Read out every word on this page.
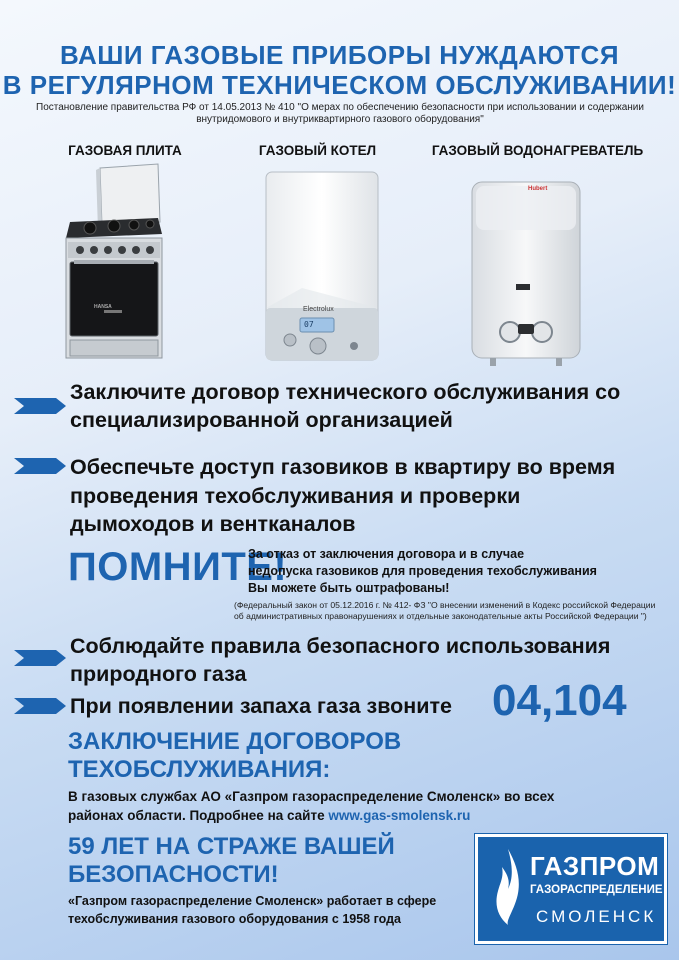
ВАШИ ГАЗОВЫЕ ПРИБОРЫ НУЖДАЮТСЯ
В РЕГУЛЯРНОМ ТЕХНИЧЕСКОМ ОБСЛУЖИВАНИИ!
Постановление правительства РФ от 14.05.2013 № 410 "О мерах по обеспечению безопасности при использовании и содержании внутридомового и внутриквартирного газового оборудования"
ГАЗОВАЯ ПЛИТА	ГАЗОВЫЙ КОТЕЛ	ГАЗОВЫЙ ВОДОНАГРЕВАТЕЛЬ
HANSA	Electrolux
07
Hubert
Заключите договор технического обслуживания со
специализированной организацией
Обеспечьте доступ газовиков в квартиру во время
проведения техобслуживания и проверки
дымоходов и вентканалов
ПОМНИТЕ!
За отказ от заключения договора и в случае
недопуска газовиков для проведения техобслуживания
Вы можете быть оштрафованы!
(Федеральный закон от 05.12.2016 г. № 412- ФЗ "О внесении изменений в Кодекс российской Федерации
об административных правонарушениях и отдельные законодательные акты Российской Федерации ")
Соблюдайте правила безопасного использования
природного газа
При появлении запаха газа звоните 04,104
ЗАКЛЮЧЕНИЕ ДОГОВОРОВ
ТЕХОБСЛУЖИВАНИЯ:
В газовых службах АО «Газпром газораспределение Смоленск» во всех
районах области. Подробнее на сайте www.gas-smolensk.ru
59 ЛЕТ НА СТРАЖЕ ВАШЕЙ
БЕЗОПАСНОСТИ!
«Газпром газораспределение Смоленск» работает в сфере
техобслуживания газового оборудования с 1958 года
ГАЗПРОМ
ГАЗОРАСПРЕДЕЛЕНИЕ
СМОЛЕНСК
